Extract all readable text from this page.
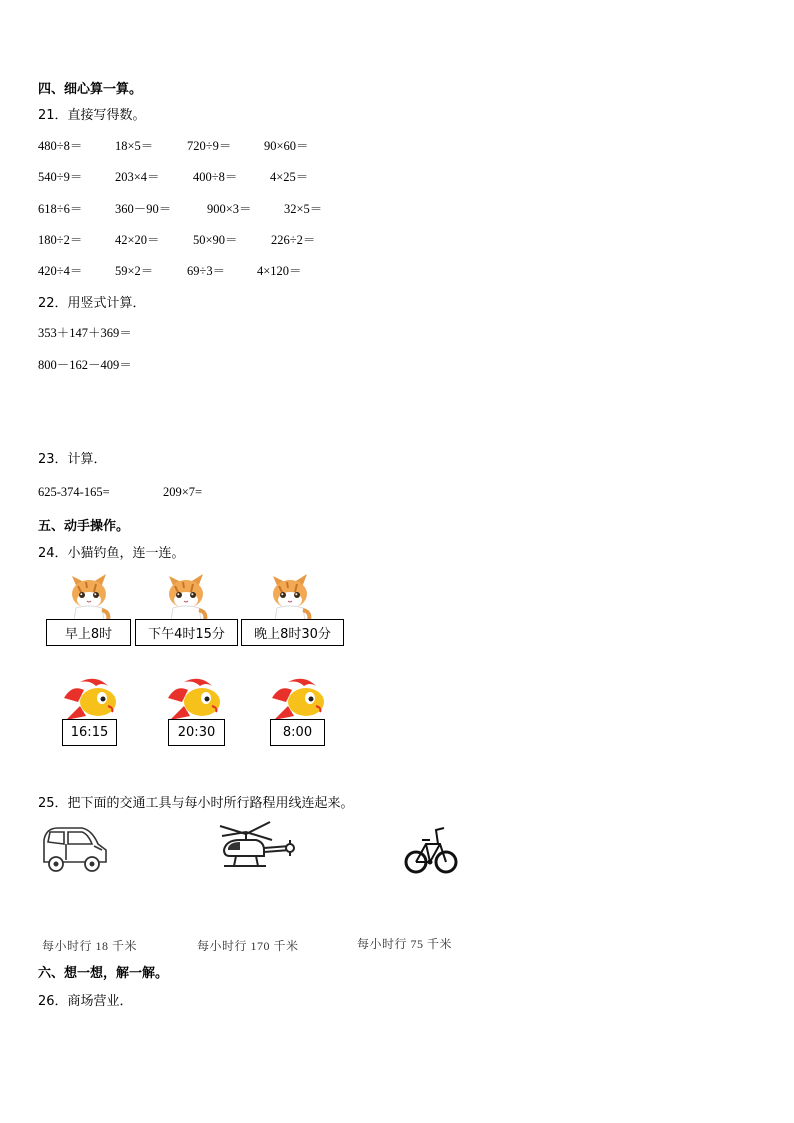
四、细心算一算。
21．直接写得数。
480÷8＝	18×5＝	720÷9＝	90×60＝
540÷9＝	203×4＝	400÷8＝	4×25＝
618÷6＝	360－90＝	900×3＝	32×5＝
180÷2＝	42×20＝	50×90＝	226÷2＝
420÷4＝	59×2＝	69÷3＝	4×120＝
22．用竖式计算．
353＋147＋369＝
800－162－409＝
23．计算．
625-374-165=	209×7=
五、动手操作。
24．小猫钓鱼，连一连。
早上8时	下午4时15分	晚上8时30分
16:15	20:30	8:00
25．把下面的交通工具与每小时所行路程用线连起来。
每小时行 18 千米	每小时行 170 千米	每小时行 75 千米
六、想一想，解一解。
26．商场营业．
